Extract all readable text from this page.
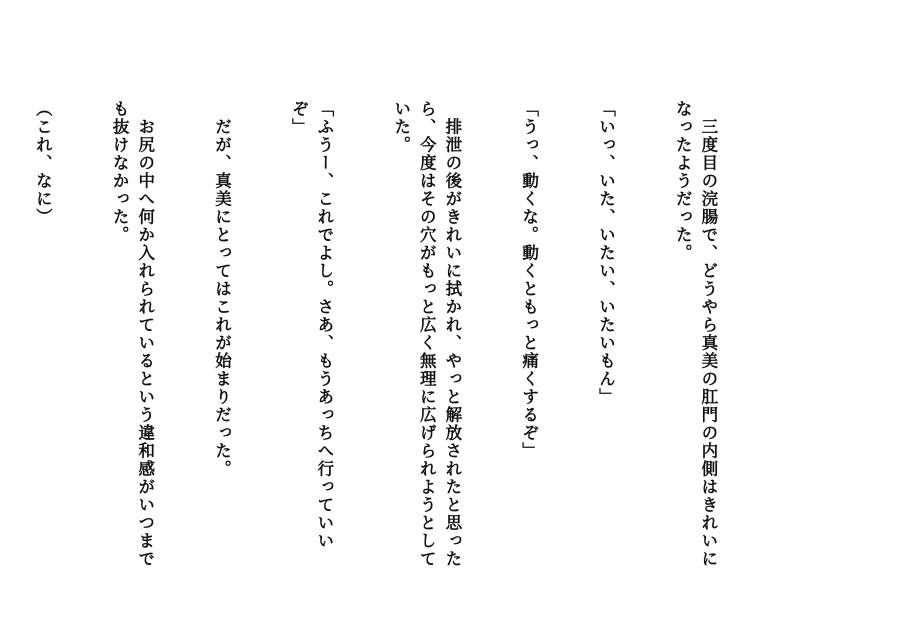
　三度目の浣腸で、どうやら真美の肛門の内側はきれいになったようだった。

「いっ、いた、いたい、いたいもん」

「うっ、動くな。動くともっと痛くするぞ」

　排泄の後がきれいに拭かれ、やっと解放されたと思ったら、今度はその穴がもっと広く無理に広げられようとしていた。

「ふうー、これでよし。さあ、もうあっちへ行っていいぞ」

　だが、真美にとってはこれが始まりだった。

　お尻の中へ何か入れられているという違和感がいつまでも抜けなかった。

（これ、なに）
